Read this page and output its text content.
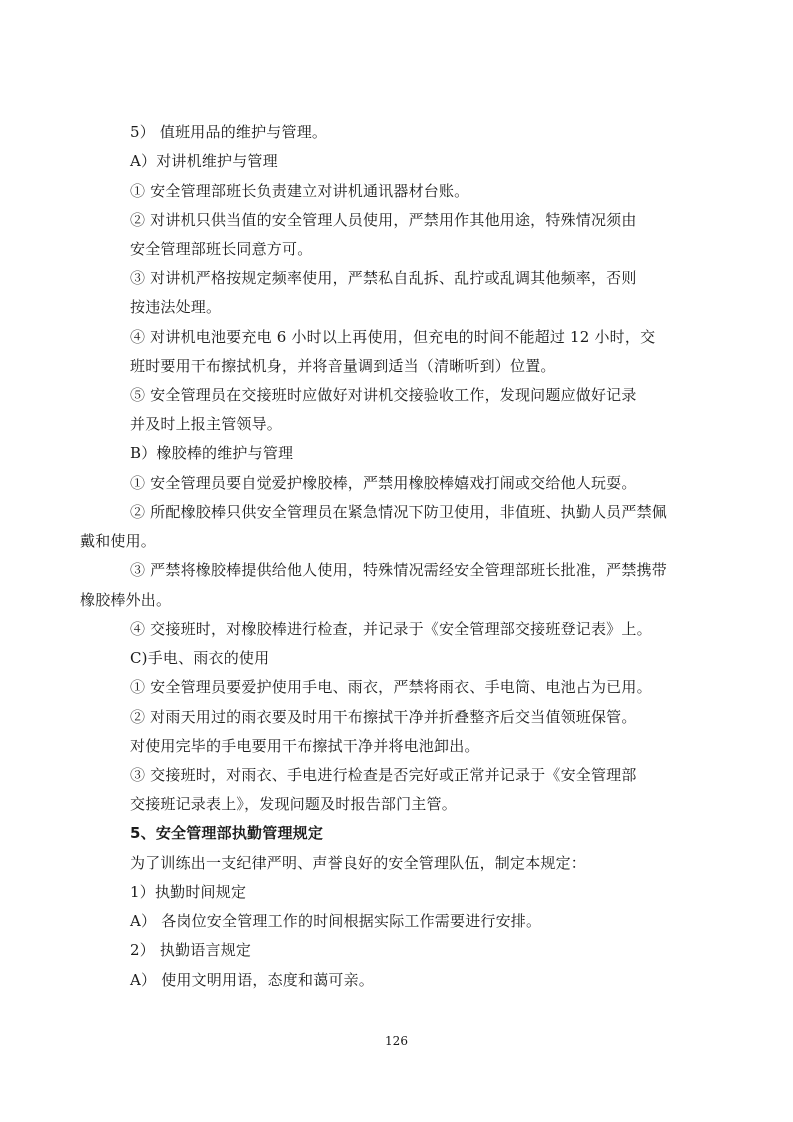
5） 值班用品的维护与管理。
A）对讲机维护与管理
① 安全管理部班长负责建立对讲机通讯器材台账。
② 对讲机只供当值的安全管理人员使用，严禁用作其他用途，特殊情况须由
安全管理部班长同意方可。
③ 对讲机严格按规定频率使用，严禁私自乱拆、乱拧或乱调其他频率，否则
按违法处理。
④ 对讲机电池要充电 6 小时以上再使用，但充电的时间不能超过 12 小时，交
班时要用干布擦拭机身，并将音量调到适当（清晰听到）位置。
⑤ 安全管理员在交接班时应做好对讲机交接验收工作，发现问题应做好记录
并及时上报主管领导。
B）橡胶棒的维护与管理
① 安全管理员要自觉爱护橡胶棒，严禁用橡胶棒嬉戏打闹或交给他人玩耍。
② 所配橡胶棒只供安全管理员在紧急情况下防卫使用，非值班、执勤人员严禁佩
戴和使用。
③ 严禁将橡胶棒提供给他人使用，特殊情况需经安全管理部班长批准，严禁携带
橡胶棒外出。
④ 交接班时，对橡胶棒进行检查，并记录于《安全管理部交接班登记表》上。
C)手电、雨衣的使用
① 安全管理员要爱护使用手电、雨衣，严禁将雨衣、手电筒、电池占为已用。
② 对雨天用过的雨衣要及时用干布擦拭干净并折叠整齐后交当值领班保管。
对使用完毕的手电要用干布擦拭干净并将电池卸出。
③ 交接班时，对雨衣、手电进行检查是否完好或正常并记录于《安全管理部
交接班记录表上》，发现问题及时报告部门主管。
5、安全管理部执勤管理规定
为了训练出一支纪律严明、声誉良好的安全管理队伍，制定本规定：
1）执勤时间规定
A） 各岗位安全管理工作的时间根据实际工作需要进行安排。
2） 执勤语言规定
A） 使用文明用语，态度和蔼可亲。
126
